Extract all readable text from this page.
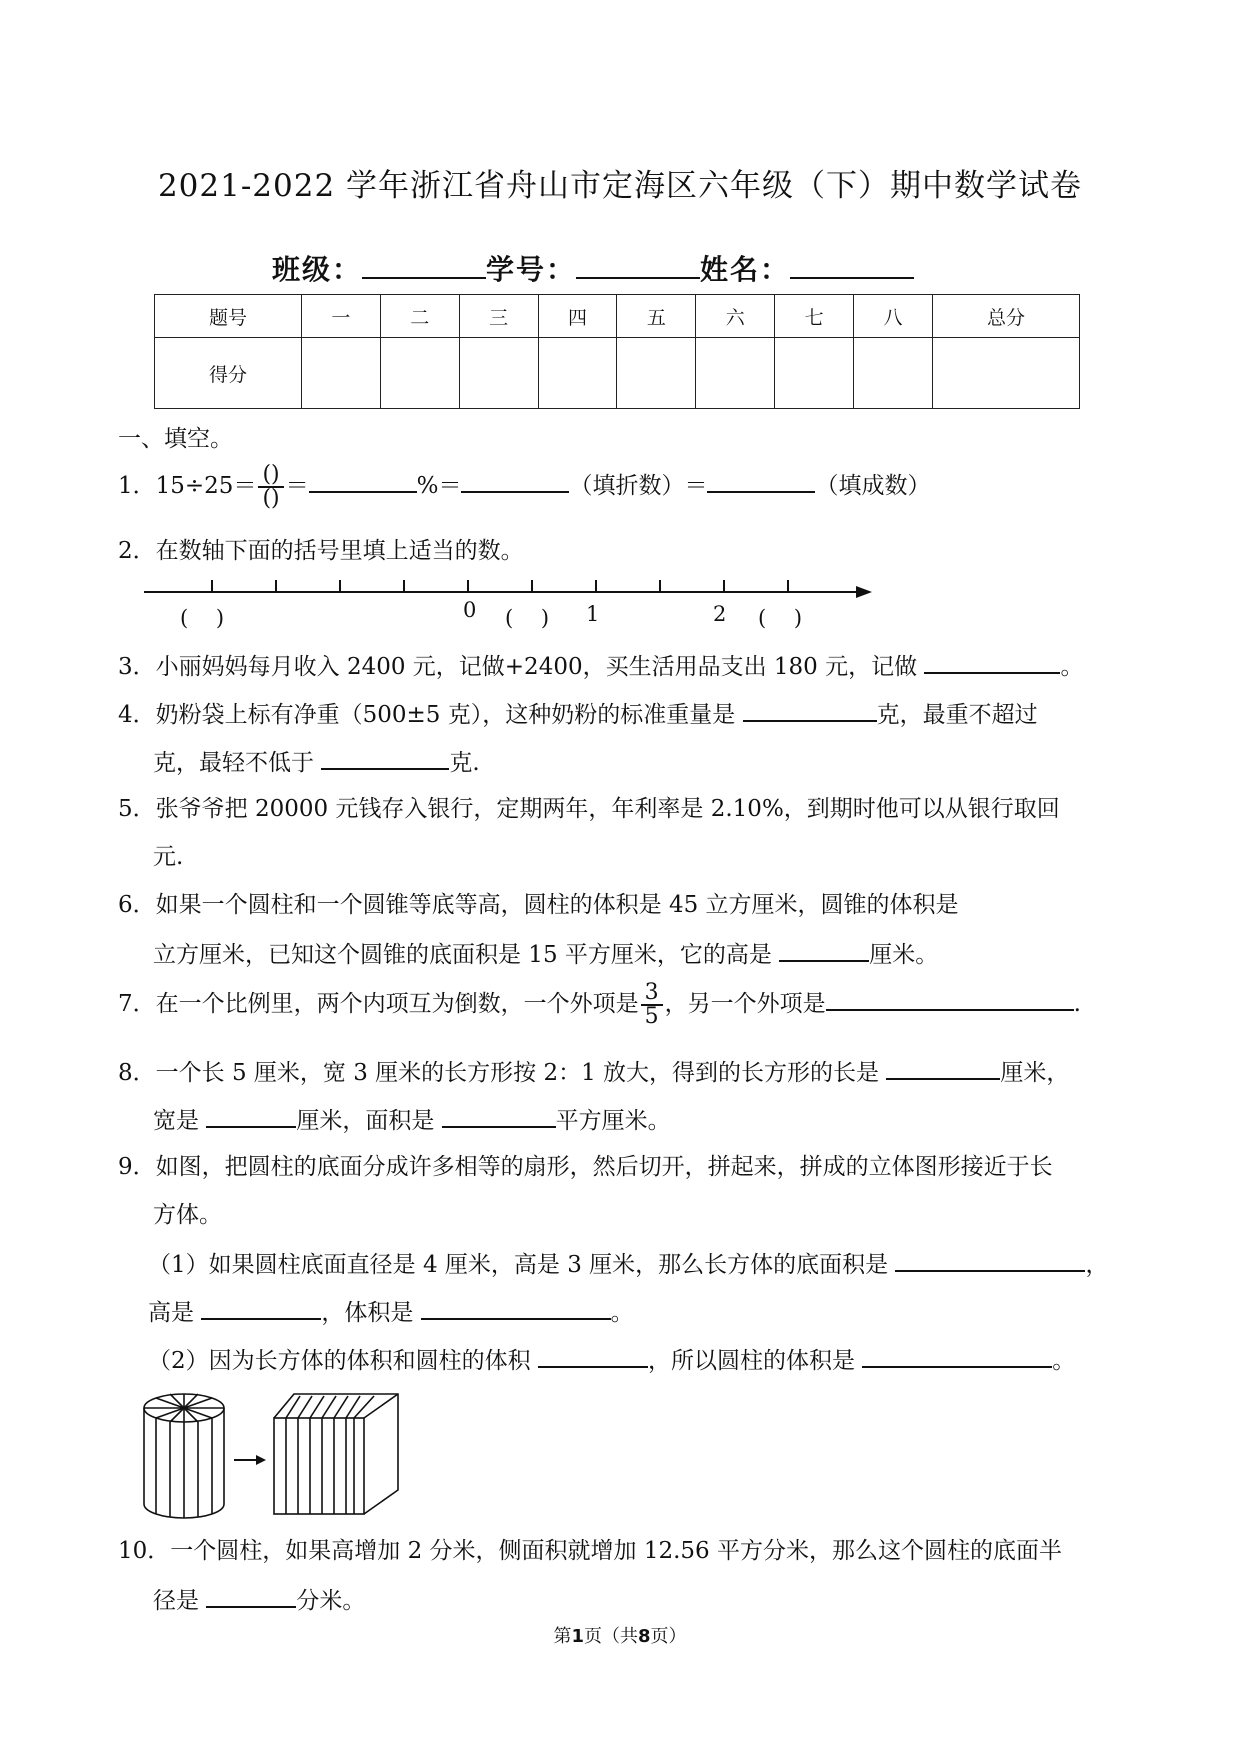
2021-2022 学年浙江省舟山市定海区六年级（下）期中数学试卷
班级：	学号：	姓名：
题号	一	二	三	四	五	六	七	八	总分
得分									
一、填空。
1．$15\div 25= \frac{()}{()}$ ＝	%＝	（填折数）＝	（填成数）
2．在数轴下面的括号里填上适当的数。
(　 )	0 (　 ) 1	2 (　 )
3．小丽妈妈每月收入 2400 元，记做+2400，买生活用品支出 180 元，记做	。
4．奶粉袋上标有净重（500±5 克），这种奶粉的标准重量是	克，最重不超过
克，最轻不低于	克.
5．张爷爷把 20000 元钱存入银行，定期两年，年利率是 2.10%，到期时他可以从银行取回
元.
6．如果一个圆柱和一个圆锥等底等高，圆柱的体积是 45 立方厘米，圆锥的体积是
立方厘米，已知这个圆锥的底面积是 15 平方厘米，它的高是	厘米。
7．在一个比例里，两个内项互为倒数，一个外项是 $\frac{3}{5}$ ，另一个外项是	.
8．一个长 5 厘米，宽 3 厘米的长方形按 2：1 放大，得到的长方形的长是	厘米，
宽是	厘米，面积是	平方厘米。
9．如图，把圆柱的底面分成许多相等的扇形，然后切开，拼起来，拼成的立体图形接近于长
方体。
（1）如果圆柱底面直径是 4 厘米，高是 3 厘米，那么长方体的底面积是	，
高是	，体积是	。
（2）因为长方体的体积和圆柱的体积	，所以圆柱的体积是	。
10．一个圆柱，如果高增加 2 分米，侧面积就增加 12.56 平方分米，那么这个圆柱的底面半
径是	分米。
第1页（共8页）
